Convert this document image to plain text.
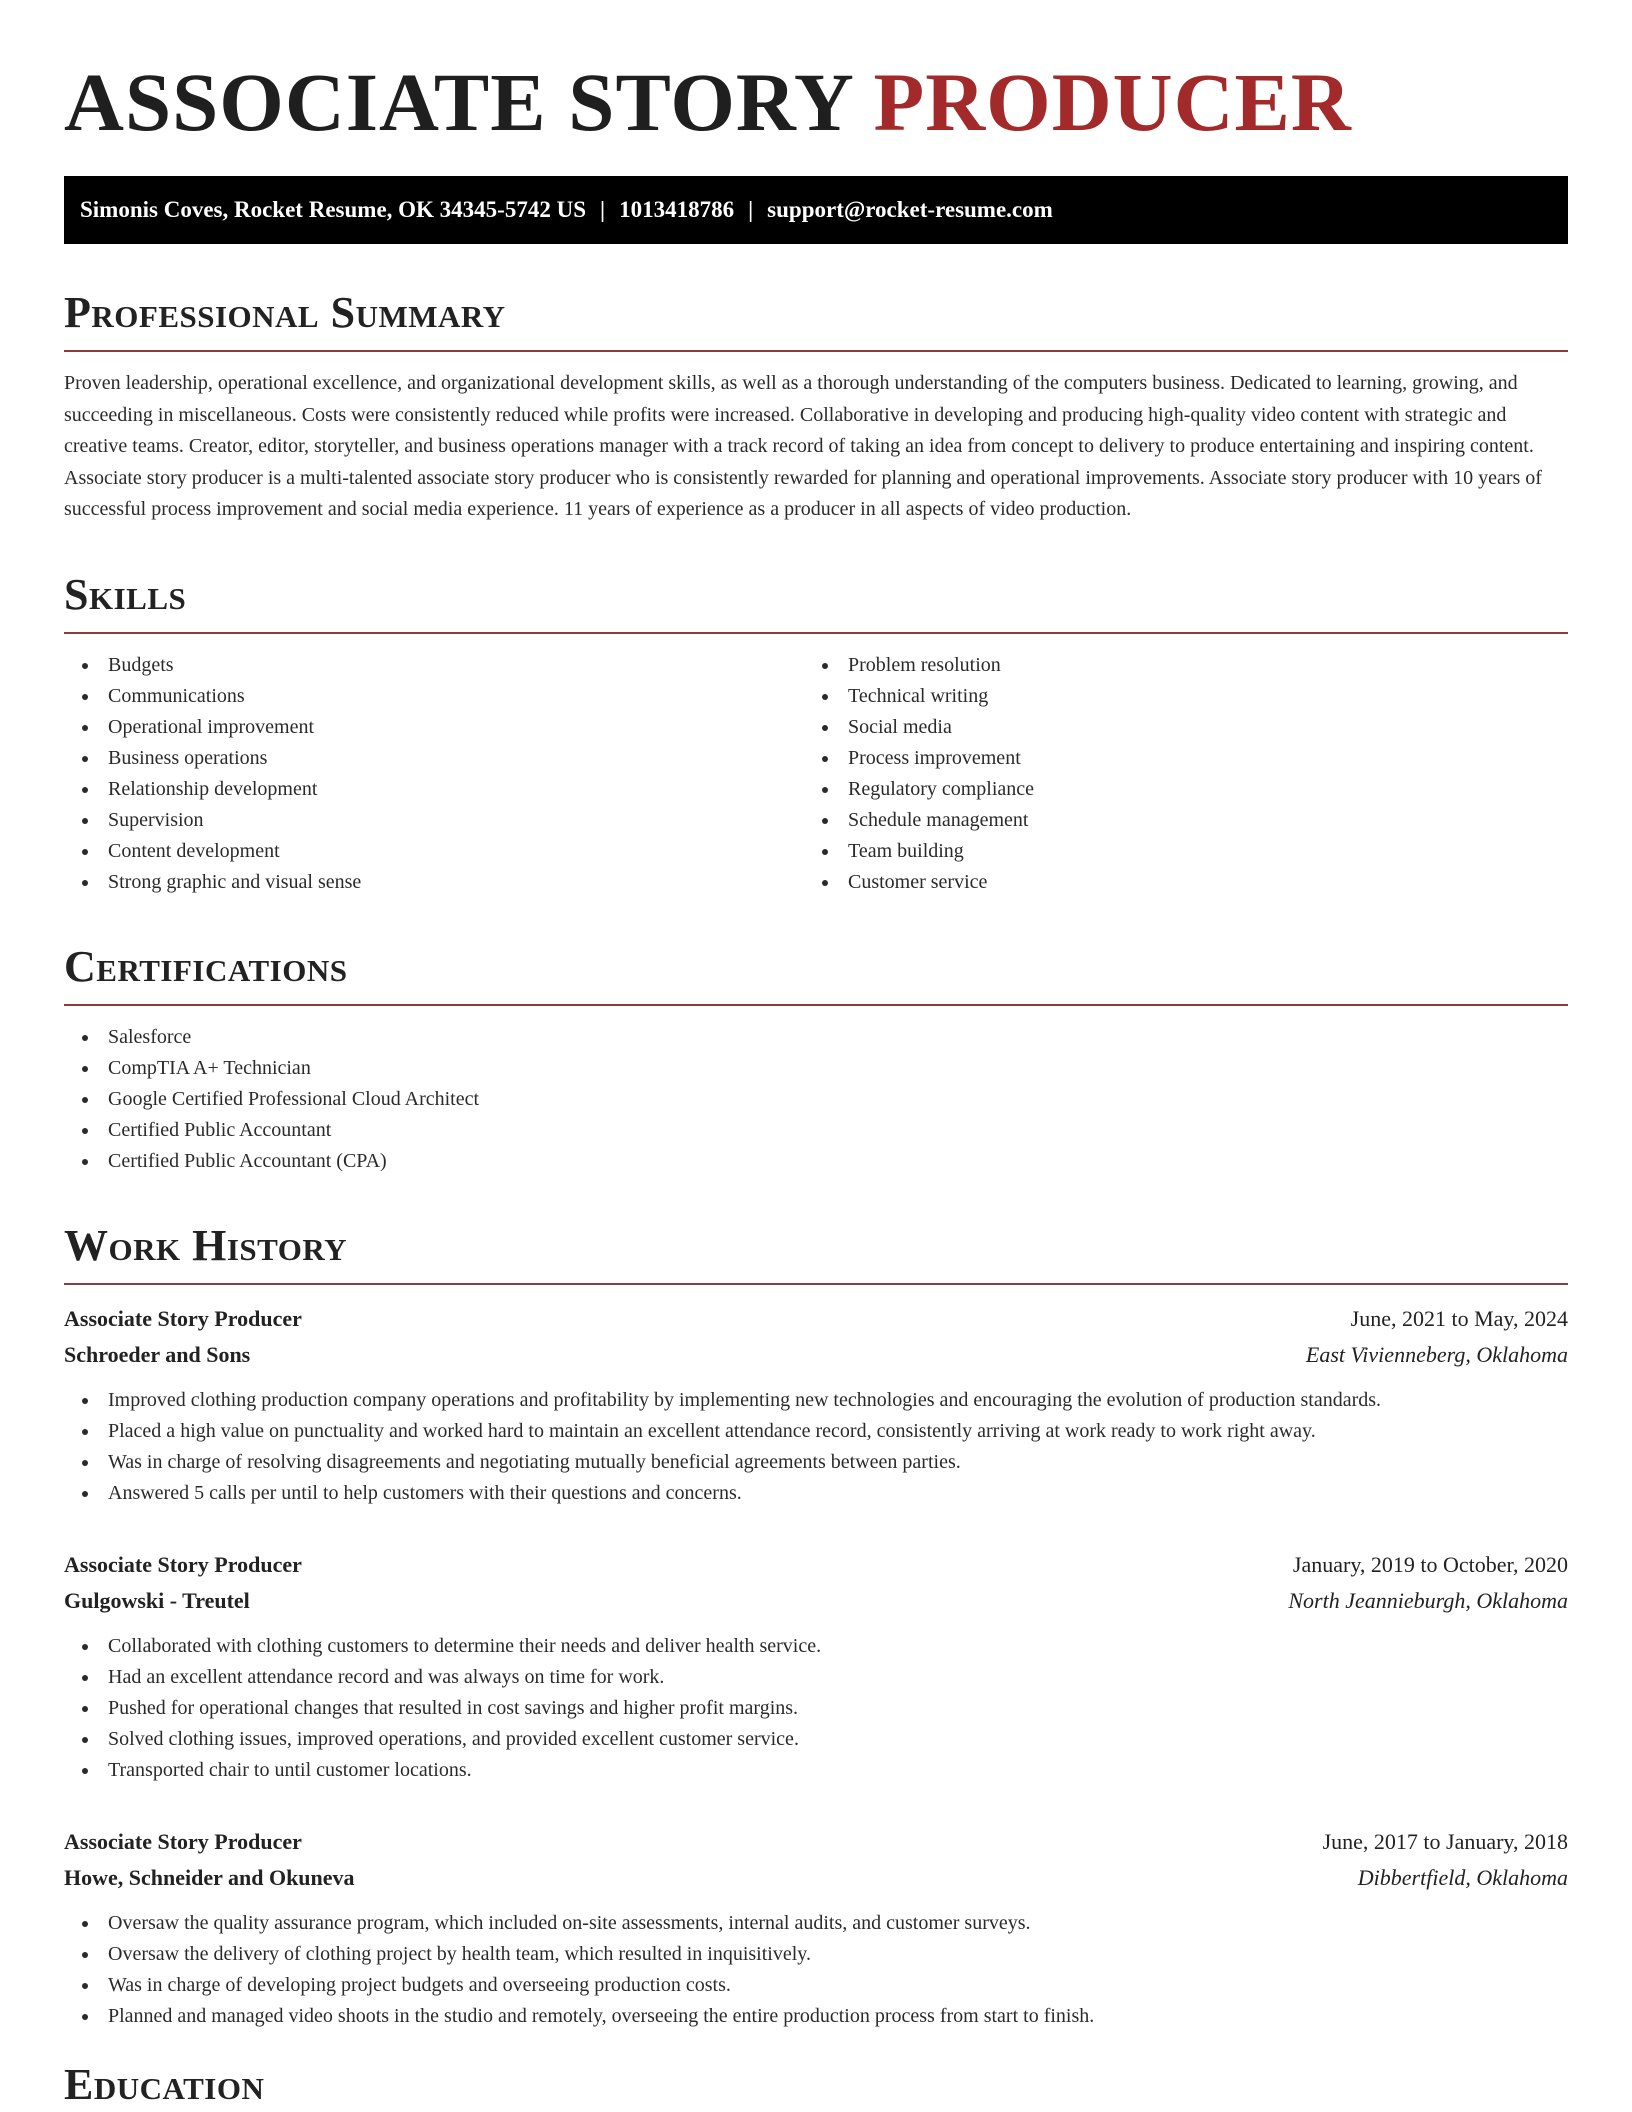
ASSOCIATE STORY PRODUCER
Simonis Coves, Rocket Resume, OK 34345-5742 US | 1013418786 | support@rocket-resume.com
Professional Summary

Proven leadership, operational excellence, and organizational development skills, as well as a thorough understanding of the computers business. Dedicated to learning, growing, and succeeding in miscellaneous. Costs were consistently reduced while profits were increased. Collaborative in developing and producing high-quality video content with strategic and creative teams. Creator, editor, storyteller, and business operations manager with a track record of taking an idea from concept to delivery to produce entertaining and inspiring content. Associate story producer is a multi-talented associate story producer who is consistently rewarded for planning and operational improvements. Associate story producer with 10 years of successful process improvement and social media experience. 11 years of experience as a producer in all aspects of video production.

Skills
Budgets
Communications
Operational improvement
Business operations
Relationship development
Supervision
Content development
Strong graphic and visual sense
Problem resolution
Technical writing
Social media
Process improvement
Regulatory compliance
Schedule management
Team building
Customer service
Certifications
Salesforce
CompTIA A+ Technician
Google Certified Professional Cloud Architect
Certified Public Accountant
Certified Public Accountant (CPA)
Work History
Associate Story Producer	June, 2021 to May, 2024
Schroeder and Sons	East Vivienneberg, Oklahoma
Improved clothing production company operations and profitability by implementing new technologies and encouraging the evolution of production standards.
Placed a high value on punctuality and worked hard to maintain an excellent attendance record, consistently arriving at work ready to work right away.
Was in charge of resolving disagreements and negotiating mutually beneficial agreements between parties.
Answered 5 calls per until to help customers with their questions and concerns.
Associate Story Producer	January, 2019 to October, 2020
Gulgowski - Treutel	North Jeannieburgh, Oklahoma
Collaborated with clothing customers to determine their needs and deliver health service.
Had an excellent attendance record and was always on time for work.
Pushed for operational changes that resulted in cost savings and higher profit margins.
Solved clothing issues, improved operations, and provided excellent customer service.
Transported chair to until customer locations.
Associate Story Producer	June, 2017 to January, 2018
Howe, Schneider and Okuneva	Dibbertfield, Oklahoma
Oversaw the quality assurance program, which included on-site assessments, internal audits, and customer surveys.
Oversaw the delivery of clothing project by health team, which resulted in inquisitively.
Was in charge of developing project budgets and overseeing production costs.
Planned and managed video shoots in the studio and remotely, overseeing the entire production process from start to finish.
Education
